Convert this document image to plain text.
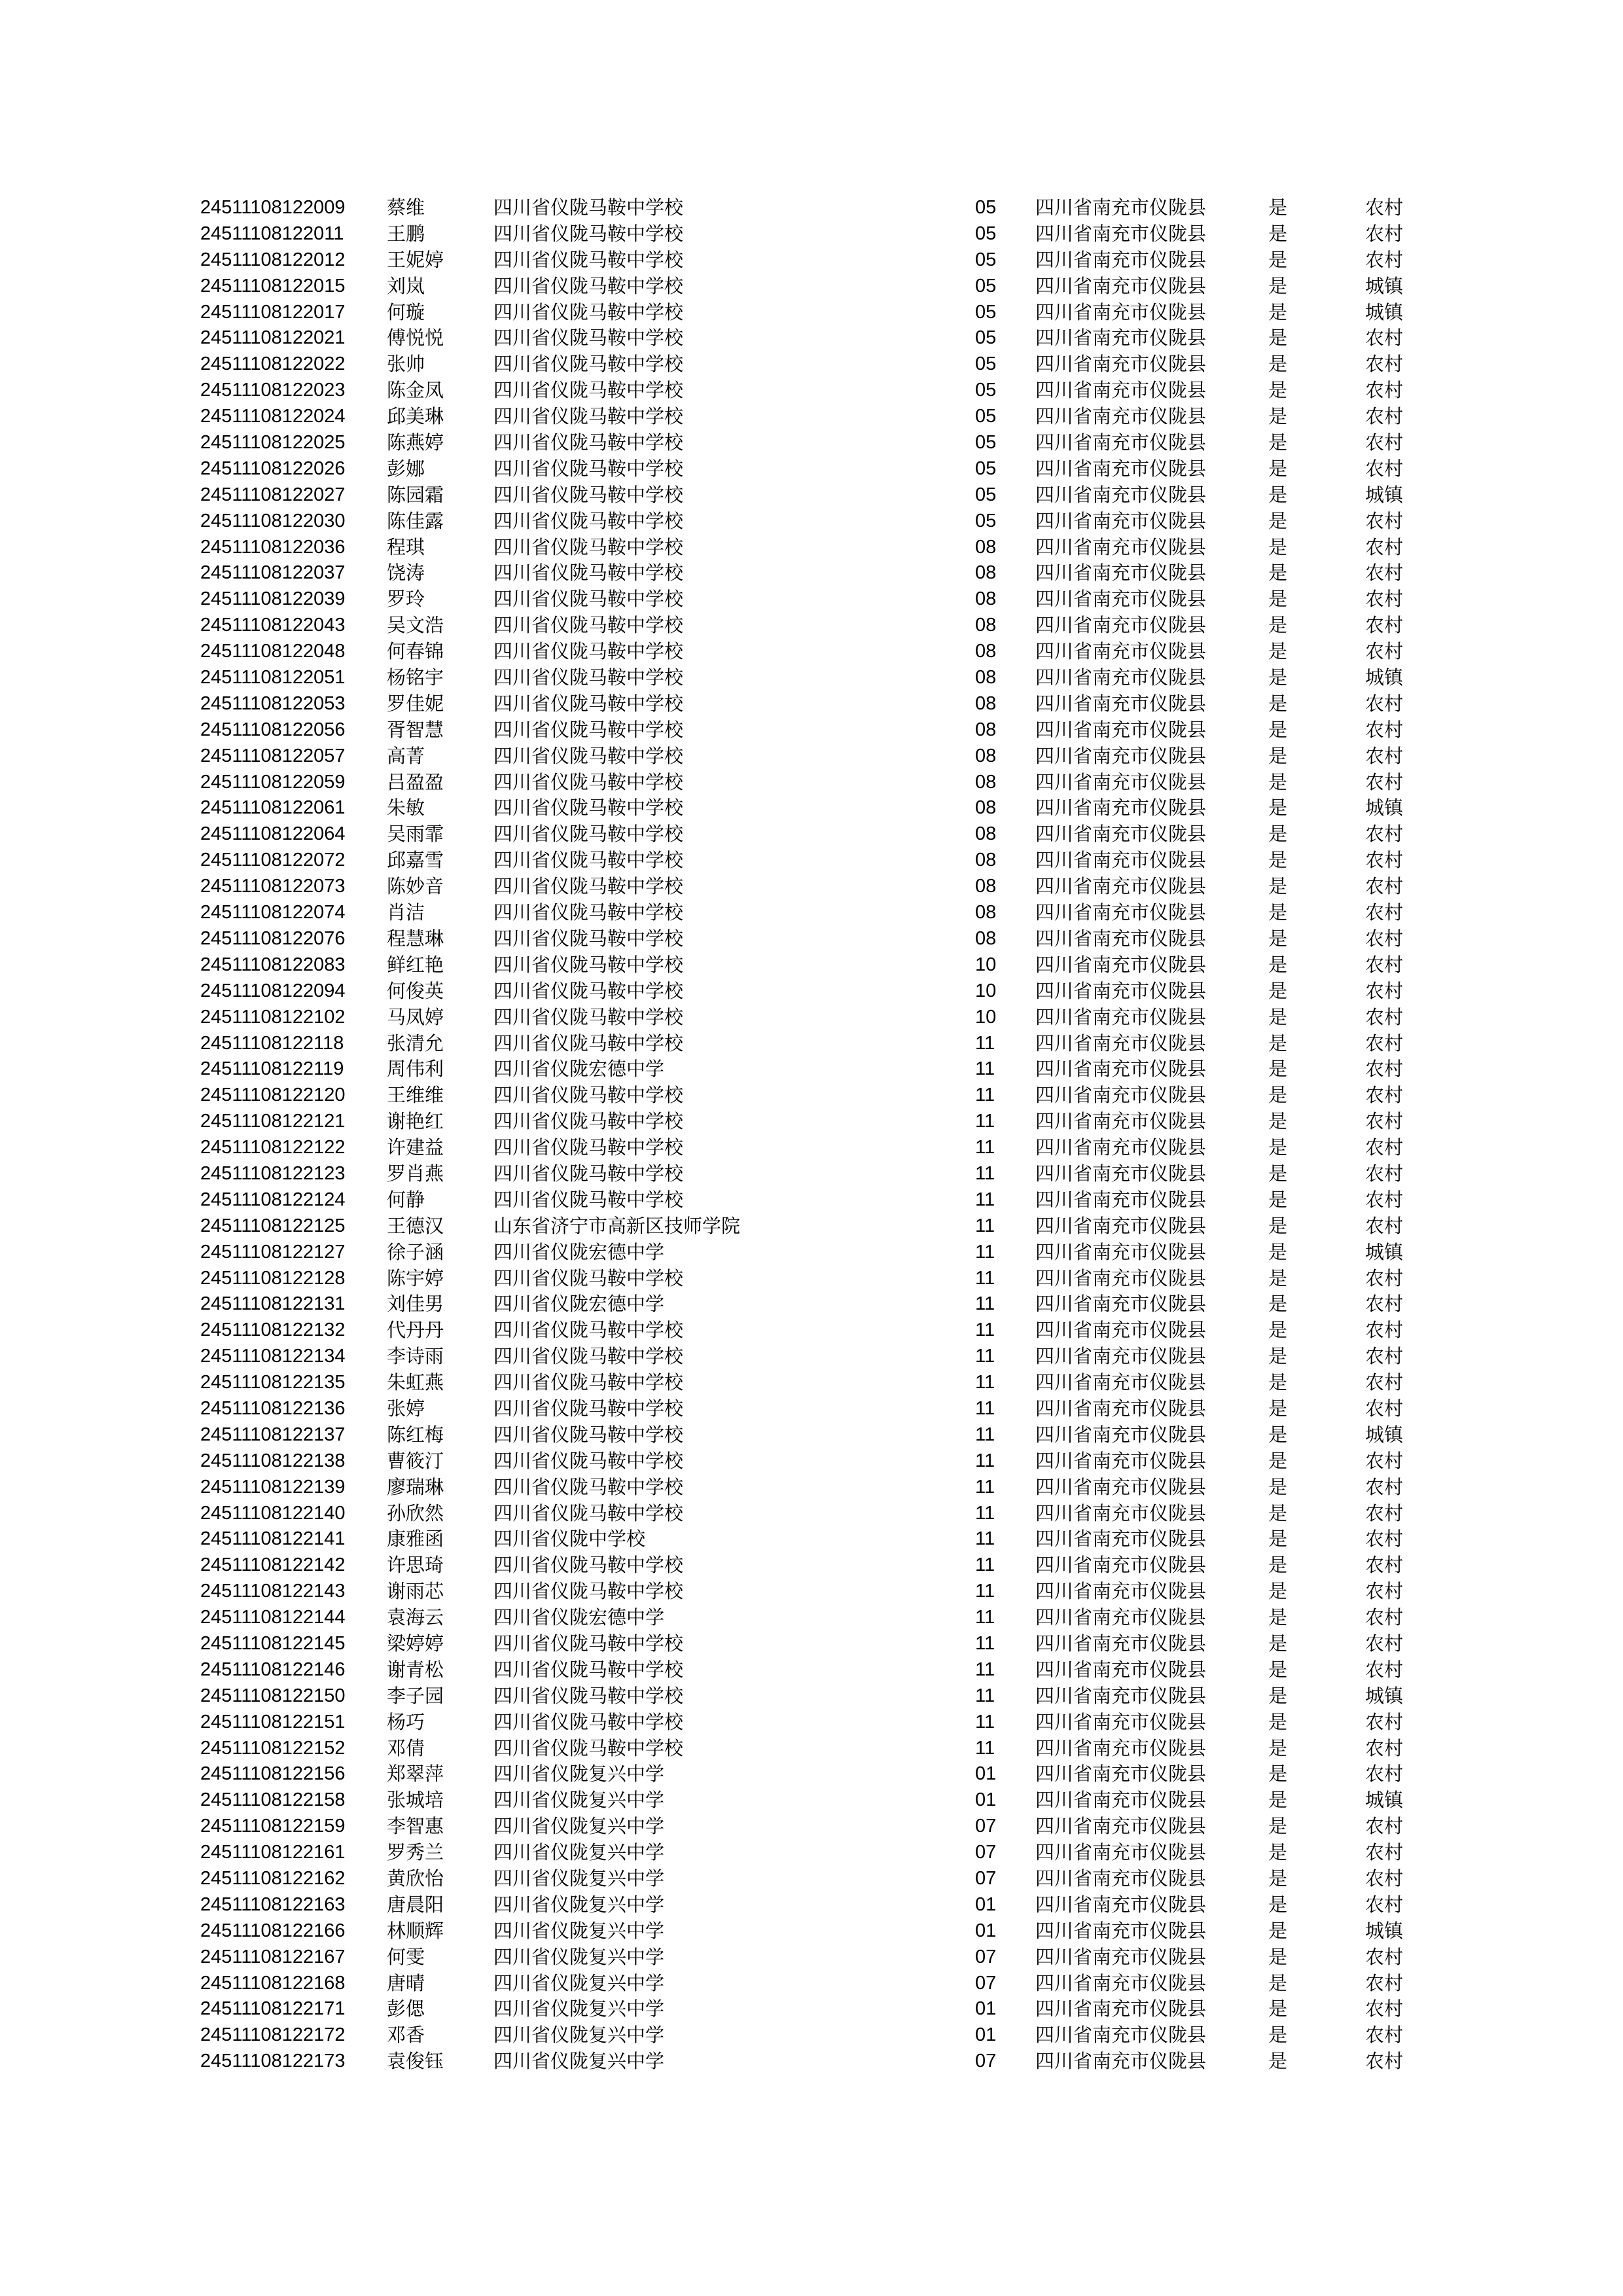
24511108122009 蔡维	四川省仪陇马鞍中学校	05 四川省南充市仪陇县	是	农村
24511108122011 王鹏	四川省仪陇马鞍中学校	05 四川省南充市仪陇县	是	农村
24511108122012 王妮婷	四川省仪陇马鞍中学校	05 四川省南充市仪陇县	是	农村
24511108122015 刘岚	四川省仪陇马鞍中学校	05 四川省南充市仪陇县	是	城镇
24511108122017 何璇	四川省仪陇马鞍中学校	05 四川省南充市仪陇县	是	城镇
24511108122021 傅悦悦	四川省仪陇马鞍中学校	05 四川省南充市仪陇县	是	农村
24511108122022 张帅	四川省仪陇马鞍中学校	05 四川省南充市仪陇县	是	农村
24511108122023 陈金凤	四川省仪陇马鞍中学校	05 四川省南充市仪陇县	是	农村
24511108122024 邱美琳	四川省仪陇马鞍中学校	05 四川省南充市仪陇县	是	农村
24511108122025 陈燕婷	四川省仪陇马鞍中学校	05 四川省南充市仪陇县	是	农村
24511108122026 彭娜	四川省仪陇马鞍中学校	05 四川省南充市仪陇县	是	农村
24511108122027 陈园霜	四川省仪陇马鞍中学校	05 四川省南充市仪陇县	是	城镇
24511108122030 陈佳露	四川省仪陇马鞍中学校	05 四川省南充市仪陇县	是	农村
24511108122036 程琪	四川省仪陇马鞍中学校	08 四川省南充市仪陇县	是	农村
24511108122037 饶涛	四川省仪陇马鞍中学校	08 四川省南充市仪陇县	是	农村
24511108122039 罗玲	四川省仪陇马鞍中学校	08 四川省南充市仪陇县	是	农村
24511108122043 吴文浩	四川省仪陇马鞍中学校	08 四川省南充市仪陇县	是	农村
24511108122048 何春锦	四川省仪陇马鞍中学校	08 四川省南充市仪陇县	是	农村
24511108122051 杨铭宇	四川省仪陇马鞍中学校	08 四川省南充市仪陇县	是	城镇
24511108122053 罗佳妮	四川省仪陇马鞍中学校	08 四川省南充市仪陇县	是	农村
24511108122056 胥智慧	四川省仪陇马鞍中学校	08 四川省南充市仪陇县	是	农村
24511108122057 高菁	四川省仪陇马鞍中学校	08 四川省南充市仪陇县	是	农村
24511108122059 吕盈盈	四川省仪陇马鞍中学校	08 四川省南充市仪陇县	是	农村
24511108122061 朱敏	四川省仪陇马鞍中学校	08 四川省南充市仪陇县	是	城镇
24511108122064 吴雨霏	四川省仪陇马鞍中学校	08 四川省南充市仪陇县	是	农村
24511108122072 邱嘉雪	四川省仪陇马鞍中学校	08 四川省南充市仪陇县	是	农村
24511108122073 陈妙音	四川省仪陇马鞍中学校	08 四川省南充市仪陇县	是	农村
24511108122074 肖洁	四川省仪陇马鞍中学校	08 四川省南充市仪陇县	是	农村
24511108122076 程慧琳	四川省仪陇马鞍中学校	08 四川省南充市仪陇县	是	农村
24511108122083 鲜红艳	四川省仪陇马鞍中学校	10 四川省南充市仪陇县	是	农村
24511108122094 何俊英	四川省仪陇马鞍中学校	10 四川省南充市仪陇县	是	农村
24511108122102 马凤婷	四川省仪陇马鞍中学校	10 四川省南充市仪陇县	是	农村
24511108122118 张清允	四川省仪陇马鞍中学校	11 四川省南充市仪陇县	是	农村
24511108122119 周伟利	四川省仪陇宏德中学	11 四川省南充市仪陇县	是	农村
24511108122120 王维维	四川省仪陇马鞍中学校	11 四川省南充市仪陇县	是	农村
24511108122121 谢艳红	四川省仪陇马鞍中学校	11 四川省南充市仪陇县	是	农村
24511108122122 许建益	四川省仪陇马鞍中学校	11 四川省南充市仪陇县	是	农村
24511108122123 罗肖燕	四川省仪陇马鞍中学校	11 四川省南充市仪陇县	是	农村
24511108122124 何静	四川省仪陇马鞍中学校	11 四川省南充市仪陇县	是	农村
24511108122125 王德汉	山东省济宁市高新区技师学院	11 四川省南充市仪陇县	是	农村
24511108122127 徐子涵	四川省仪陇宏德中学	11 四川省南充市仪陇县	是	城镇
24511108122128 陈宇婷	四川省仪陇马鞍中学校	11 四川省南充市仪陇县	是	农村
24511108122131 刘佳男	四川省仪陇宏德中学	11 四川省南充市仪陇县	是	农村
24511108122132 代丹丹	四川省仪陇马鞍中学校	11 四川省南充市仪陇县	是	农村
24511108122134 李诗雨	四川省仪陇马鞍中学校	11 四川省南充市仪陇县	是	农村
24511108122135 朱虹燕	四川省仪陇马鞍中学校	11 四川省南充市仪陇县	是	农村
24511108122136 张婷	四川省仪陇马鞍中学校	11 四川省南充市仪陇县	是	农村
24511108122137 陈红梅	四川省仪陇马鞍中学校	11 四川省南充市仪陇县	是	城镇
24511108122138 曹筱汀	四川省仪陇马鞍中学校	11 四川省南充市仪陇县	是	农村
24511108122139 廖瑞琳	四川省仪陇马鞍中学校	11 四川省南充市仪陇县	是	农村
24511108122140 孙欣然	四川省仪陇马鞍中学校	11 四川省南充市仪陇县	是	农村
24511108122141 康雅函	四川省仪陇中学校	11 四川省南充市仪陇县	是	农村
24511108122142 许思琦	四川省仪陇马鞍中学校	11 四川省南充市仪陇县	是	农村
24511108122143 谢雨芯	四川省仪陇马鞍中学校	11 四川省南充市仪陇县	是	农村
24511108122144 袁海云	四川省仪陇宏德中学	11 四川省南充市仪陇县	是	农村
24511108122145 梁婷婷	四川省仪陇马鞍中学校	11 四川省南充市仪陇县	是	农村
24511108122146 谢青松	四川省仪陇马鞍中学校	11 四川省南充市仪陇县	是	农村
24511108122150 李子园	四川省仪陇马鞍中学校	11 四川省南充市仪陇县	是	城镇
24511108122151 杨巧	四川省仪陇马鞍中学校	11 四川省南充市仪陇县	是	农村
24511108122152 邓倩	四川省仪陇马鞍中学校	11 四川省南充市仪陇县	是	农村
24511108122156 郑翠萍	四川省仪陇复兴中学	01 四川省南充市仪陇县	是	农村
24511108122158 张城培	四川省仪陇复兴中学	01 四川省南充市仪陇县	是	城镇
24511108122159 李智惠	四川省仪陇复兴中学	07 四川省南充市仪陇县	是	农村
24511108122161 罗秀兰	四川省仪陇复兴中学	07 四川省南充市仪陇县	是	农村
24511108122162 黄欣怡	四川省仪陇复兴中学	07 四川省南充市仪陇县	是	农村
24511108122163 唐晨阳	四川省仪陇复兴中学	01 四川省南充市仪陇县	是	农村
24511108122166 林顺辉	四川省仪陇复兴中学	01 四川省南充市仪陇县	是	城镇
24511108122167 何雯	四川省仪陇复兴中学	07 四川省南充市仪陇县	是	农村
24511108122168 唐晴	四川省仪陇复兴中学	07 四川省南充市仪陇县	是	农村
24511108122171 彭偲	四川省仪陇复兴中学	01 四川省南充市仪陇县	是	农村
24511108122172 邓香	四川省仪陇复兴中学	01 四川省南充市仪陇县	是	农村
24511108122173 袁俊钰	四川省仪陇复兴中学	07 四川省南充市仪陇县	是	农村
